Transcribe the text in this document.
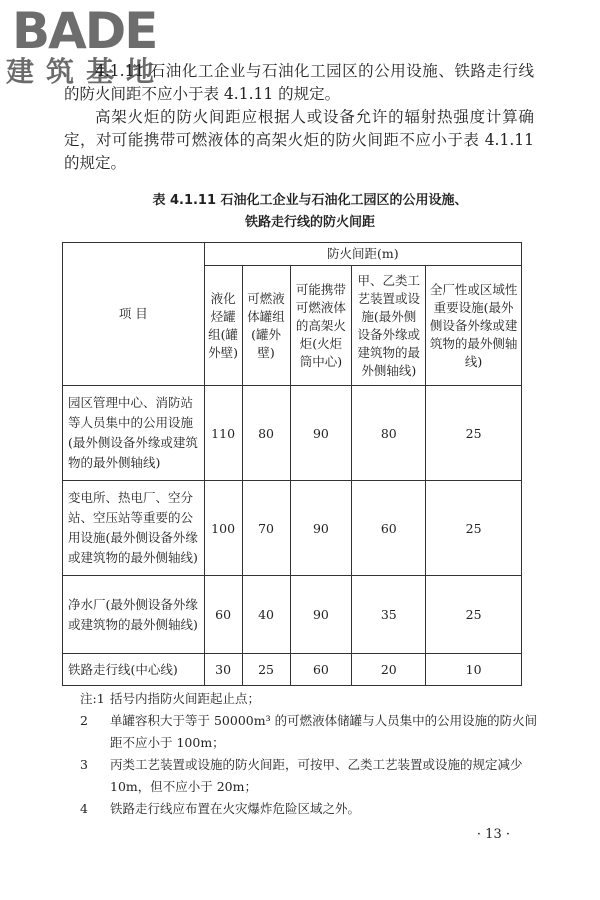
BADE
建筑基地

4.1.11 石油化工企业与石油化工园区的公用设施、铁路走行线的防火间距不应小于表 4.1.11 的规定。

高架火炬的防火间距应根据人或设备允许的辐射热强度计算确定，对可能携带可燃液体的高架火炬的防火间距不应小于表 4.1.11 的规定。

表 4.1.11 石油化工企业与石油化工园区的公用设施、
铁路走行线的防火间距
项 目	防火间距(m)				
	液化烃罐组(罐外壁)	可燃液体罐组(罐外壁)	可能携带可燃液体的高架火炬(火炬筒中心)	甲、乙类工艺装置或设施(最外侧设备外缘或建筑物的最外侧轴线)	全厂性或区域性重要设施(最外侧设备外缘或建筑物的最外侧轴线)
园区管理中心、消防站等人员集中的公用设施(最外侧设备外缘或建筑物的最外侧轴线)	110	80	90	80	25
变电所、热电厂、空分站、空压站等重要的公用设施(最外侧设备外缘或建筑物的最外侧轴线)	100	70	90	60	25
净水厂(最外侧设备外缘或建筑物的最外侧轴线)	60	40	90	35	25
铁路走行线(中心线)	30	25	60	20	10
注:1 括号内指防火间距起止点；
2	单罐容积大于等于 50000m³ 的可燃液体储罐与人员集中的公用设施的防火间距不应小于 100m；
3	丙类工艺装置或设施的防火间距，可按甲、乙类工艺装置或设施的规定减少 10m，但不应小于 20m；
4	铁路走行线应布置在火灾爆炸危险区域之外。
· 13 ·
